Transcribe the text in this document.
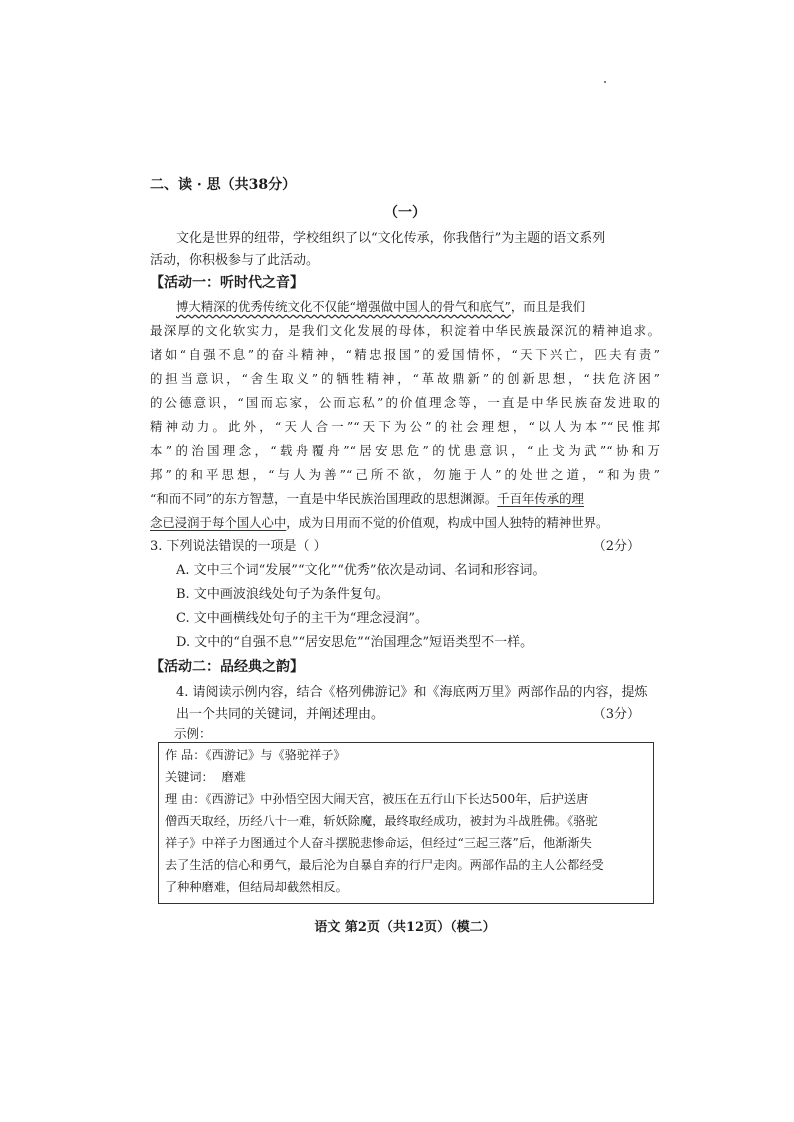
二、读 · 思（共38分）
（一）
文化是世界的纽带，学校组织了以“文化传承，你我偕行”为主题的语文系列
活动，你积极参与了此活动。
【活动一：听时代之音】
博大精深的优秀传统文化不仅能“增强做中国人的骨气和底气”，而且是我们
最深厚的文化软实力，是我们文化发展的母体，积淀着中华民族最深沉的精神追求。
诸如“自强不息”的奋斗精神，“精忠报国”的爱国情怀，“天下兴亡，匹夫有责”
的担当意识，“舍生取义”的牺牲精神，“革故鼎新”的创新思想，“扶危济困”
的公德意识，“国而忘家，公而忘私”的价值理念等，一直是中华民族奋发进取的
精神动力。此外，“天人合一”“天下为公”的社会理想，“以人为本”“民惟邦
本”的治国理念，“载舟覆舟”“居安思危”的忧患意识，“止戈为武”“协和万
邦”的和平思想，“与人为善”“己所不欲，勿施于人”的处世之道，“和为贵”
“和而不同”的东方智慧，一直是中华民族治国理政的思想渊源。千百年传承的理
念已浸润于每个国人心中，成为日用而不觉的价值观，构成中国人独特的精神世界。
3. 下列说法错误的一项是（ ）	（2分）
A. 文中三个词“发展”“文化”“优秀”依次是动词、名词和形容词。
B. 文中画波浪线处句子为条件复句。
C. 文中画横线处句子的主干为“理念浸润”。
D. 文中的“自强不息”“居安思危”“治国理念”短语类型不一样。
【活动二：品经典之韵】
4. 请阅读示例内容，结合《格列佛游记》和《海底两万里》两部作品的内容，提炼
出一个共同的关键词，并阐述理由。	（3分）
示例：
作 品：《西游记》与《骆驼祥子》
关键词： 磨难
理 由：《西游记》中孙悟空因大闹天宫，被压在五行山下长达500年，后护送唐
僧西天取经，历经八十一难，斩妖除魔，最终取经成功，被封为斗战胜佛。《骆驼
祥子》中祥子力图通过个人奋斗摆脱悲惨命运，但经过“三起三落”后，他渐渐失
去了生活的信心和勇气，最后沦为自暴自弃的行尸走肉。两部作品的主人公都经受
了种种磨难，但结局却截然相反。
语文 第2页（共12页）（模二）
